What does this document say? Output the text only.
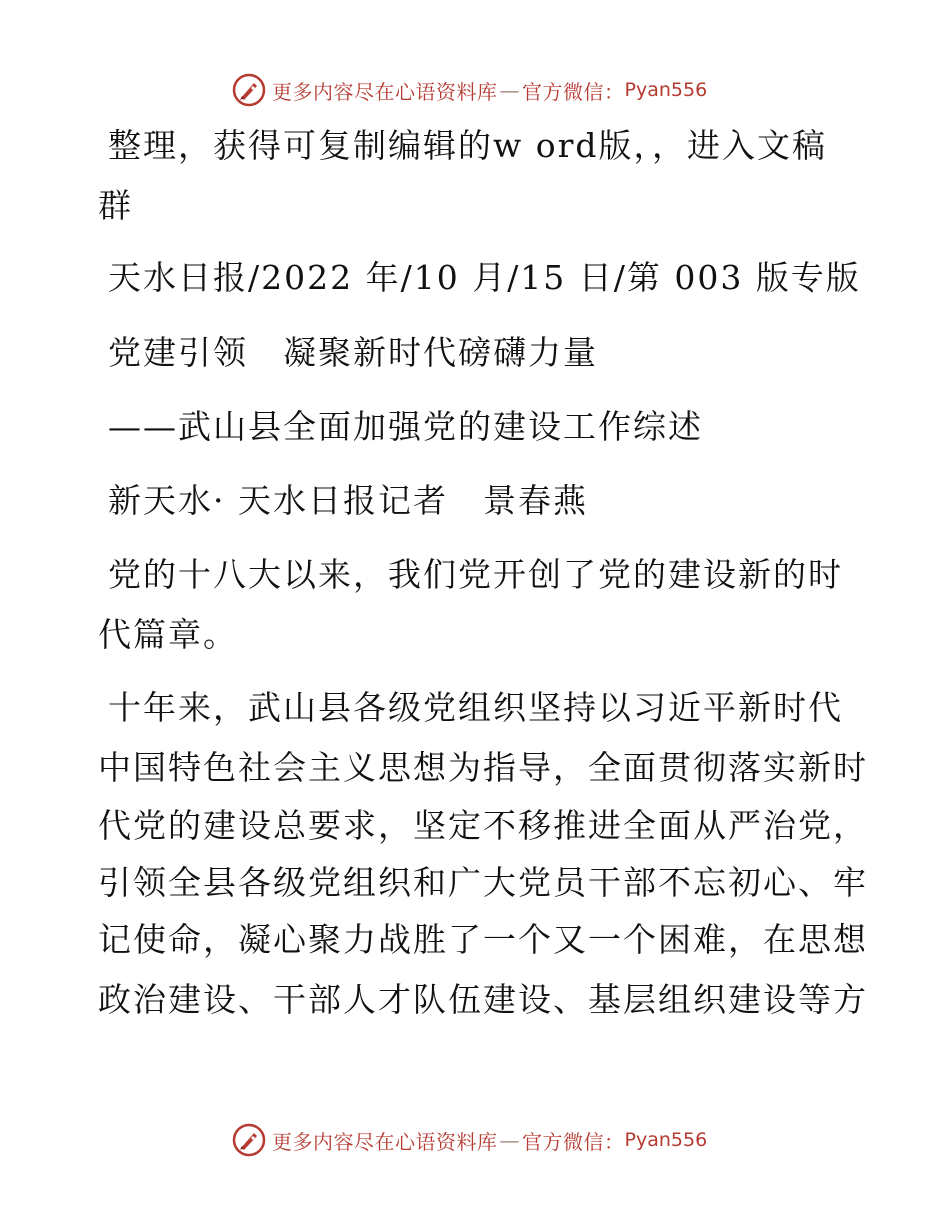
更多内容尽在心语资料库 — 官方微信： Pyan556
整理，获得可复制编辑的w ord版，，进入文稿
群
天水日报/2022 年/10 月/15 日/第 003 版专版
党建引领　凝聚新时代磅礴力量
——武山县全面加强党的建设工作综述
新天水· 天水日报记者　景春燕
党的十八大以来，我们党开创了党的建设新的时
代篇章。
十年来，武山县各级党组织坚持以习近平新时代
中国特色社会主义思想为指导，全面贯彻落实新时
代党的建设总要求，坚定不移推进全面从严治党，
引领全县各级党组织和广大党员干部不忘初心、牢
记使命，凝心聚力战胜了一个又一个困难，在思想
政治建设、干部人才队伍建设、基层组织建设等方
更多内容尽在心语资料库 — 官方微信： Pyan556
